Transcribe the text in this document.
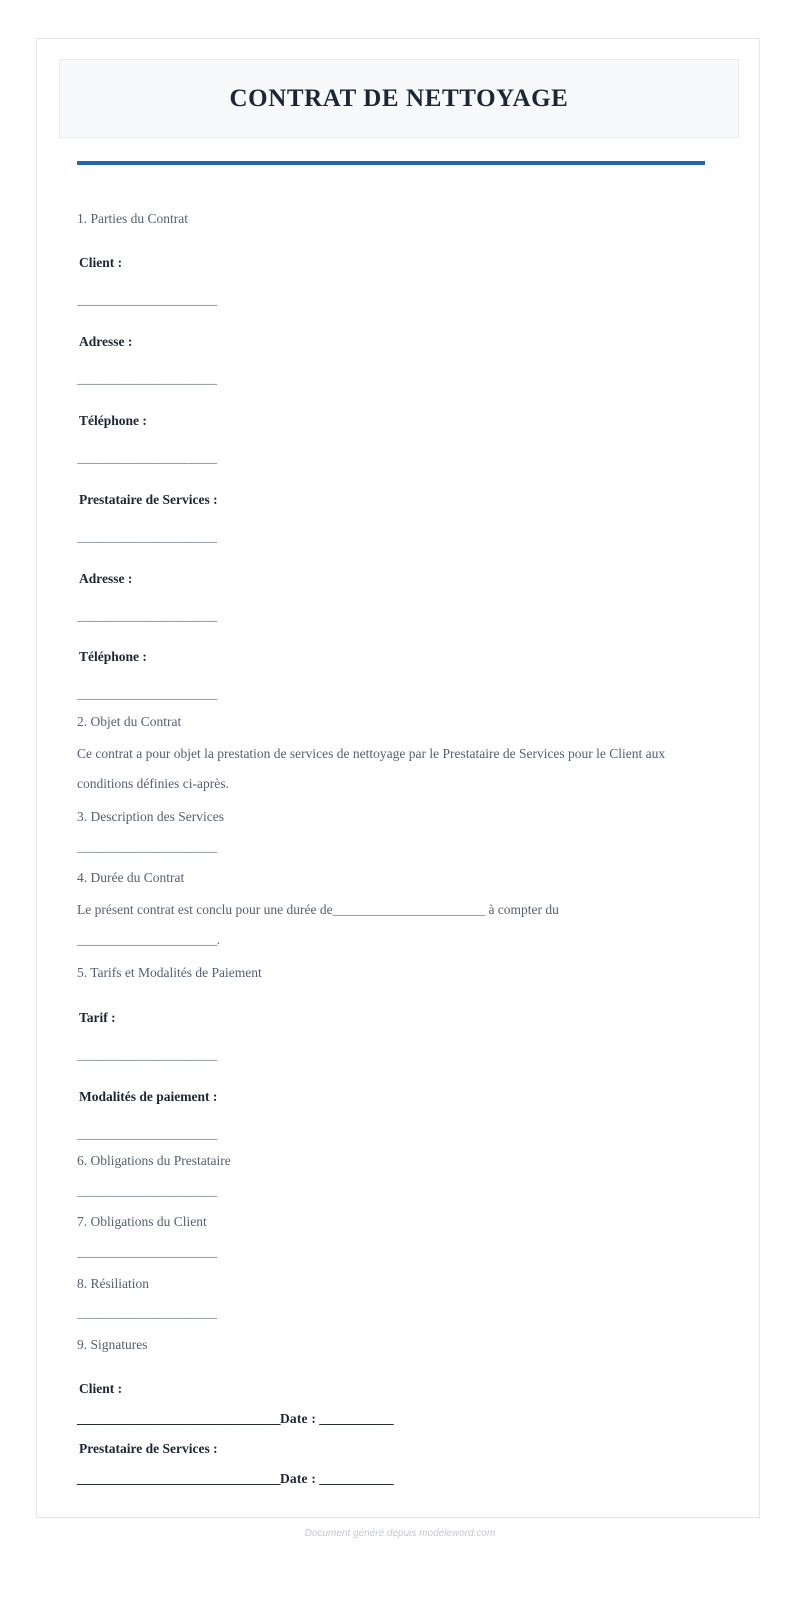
CONTRAT DE NETTOYAGE
1. Parties du Contrat
Client :
______________________
Adresse :
______________________
Téléphone :
______________________
Prestataire de Services :
______________________
Adresse :
______________________
Téléphone :
______________________
2. Objet du Contrat
Ce contrat a pour objet la prestation de services de nettoyage par le Prestataire de Services pour le Client aux conditions définies ci-après.
3. Description des Services
______________________
4. Durée du Contrat
Le présent contrat est conclu pour une durée de________________________ à compter du ______________________.
5. Tarifs et Modalités de Paiement
Tarif :
______________________
Modalités de paiement :
______________________
6. Obligations du Prestataire
______________________
7. Obligations du Client
______________________
8. Résiliation
______________________
9. Signatures
Client :
_________________________________Date : ____________
Prestataire de Services :
_________________________________Date : ____________
Document généré depuis modeleword.com
